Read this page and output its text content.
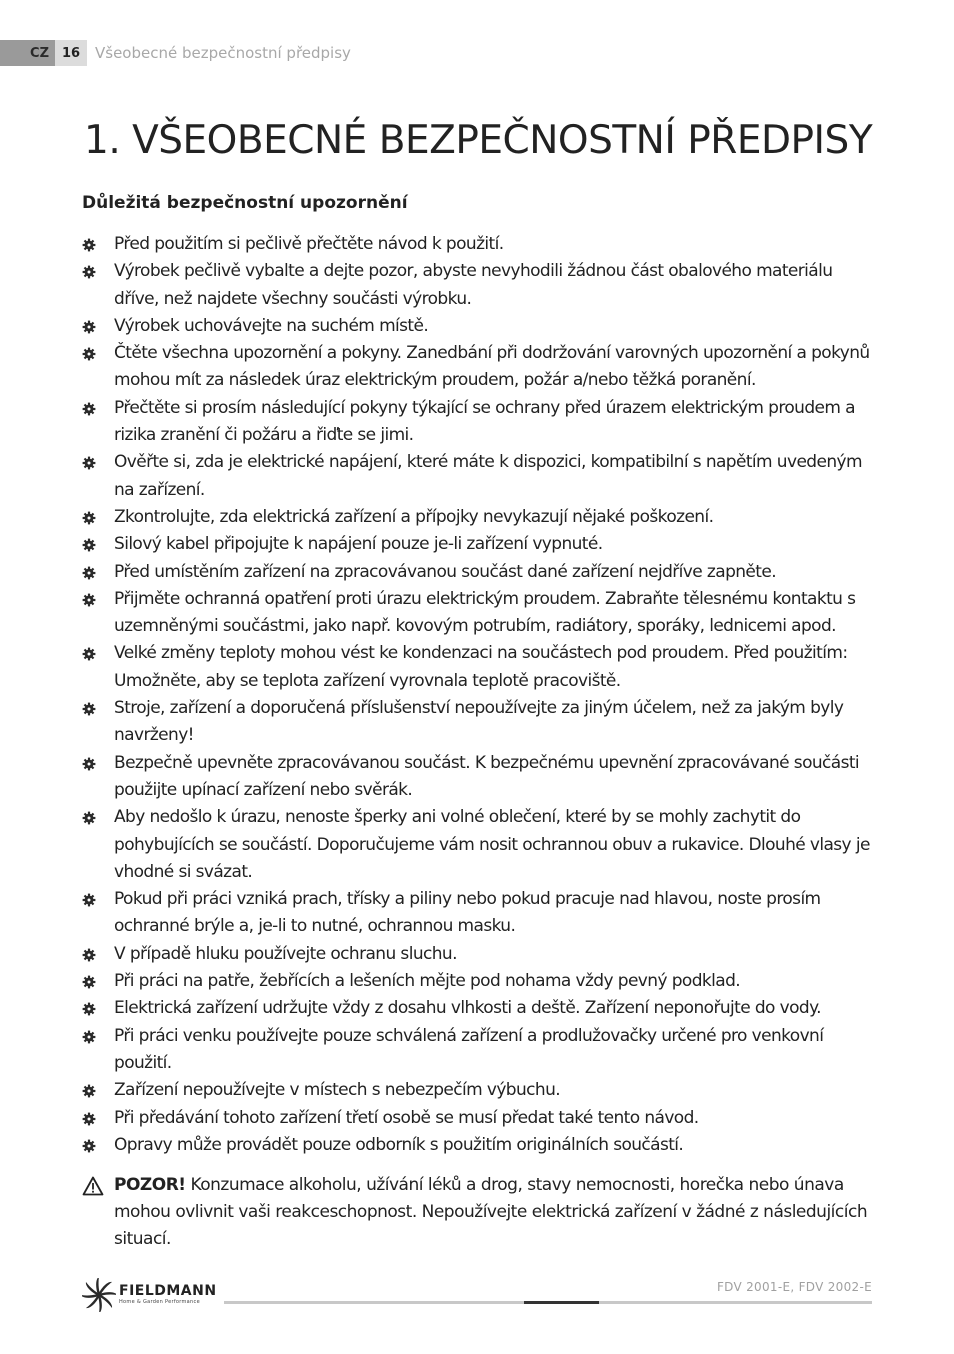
CZ 16 Všeobecné bezpečnostní předpisy
1. VŠEOBECNÉ BEZPEČNOSTNÍ PŘEDPISY
Důležitá bezpečnostní upozornění
Před použitím si pečlivě přečtěte návod k použití.
Výrobek pečlivě vybalte a dejte pozor, abyste nevyhodili žádnou část obalového materiálu dříve, než najdete všechny součásti výrobku.
Výrobek uchovávejte na suchém místě.
Čtěte všechna upozornění a pokyny. Zanedbání při dodržování varovných upozornění a pokynů mohou mít za následek úraz elektrickým proudem, požár a/nebo těžká poranění.
Přečtěte si prosím následující pokyny týkající se ochrany před úrazem elektrickým proudem a rizika zranění či požáru a řiďte se jimi.
Ověřte si, zda je elektrické napájení, které máte k dispozici, kompatibilní s napětím uvedeným na zařízení.
Zkontrolujte, zda elektrická zařízení a přípojky nevykazují nějaké poškození.
Silový kabel připojujte k napájení pouze je-li zařízení vypnuté.
Před umístěním zařízení na zpracovávanou součást dané zařízení nejdříve zapněte.
Přijměte ochranná opatření proti úrazu elektrickým proudem. Zabraňte tělesnému kontaktu s uzemněnými součástmi, jako např. kovovým potrubím, radiátory, sporáky, lednicemi apod.
Velké změny teploty mohou vést ke kondenzaci na součástech pod proudem. Před použitím: Umožněte, aby se teplota zařízení vyrovnala teplotě pracoviště.
Stroje, zařízení a doporučená příslušenství nepoužívejte za jiným účelem, než za jakým byly navrženy!
Bezpečně upevněte zpracovávanou součást. K bezpečnému upevnění zpracovávané součásti použijte upínací zařízení nebo svěrák.
Aby nedošlo k úrazu, nenoste šperky ani volné oblečení, které by se mohly zachytit do pohybujících se součástí. Doporučujeme vám nosit ochrannou obuv a rukavice. Dlouhé vlasy je vhodné si svázat.
Pokud při práci vzniká prach, třísky a piliny nebo pokud pracuje nad hlavou, noste prosím ochranné brýle a, je-li to nutné, ochrannou masku.
V případě hluku používejte ochranu sluchu.
Při práci na patře, žebřících a lešeních mějte pod nohama vždy pevný podklad.
Elektrická zařízení udržujte vždy z dosahu vlhkosti a deště. Zařízení neponořujte do vody.
Při práci venku používejte pouze schválená zařízení a prodlužovačky určené pro venkovní použití.
Zařízení nepoužívejte v místech s nebezpečím výbuchu.
Při předávání tohoto zařízení třetí osobě se musí předat také tento návod.
Opravy může provádět pouze odborník s použitím originálních součástí.
POZOR! Konzumace alkoholu, užívání léků a drog, stavy nemocnosti, horečka nebo únava mohou ovlivnit vaši reakceschopnost. Nepoužívejte elektrická zařízení v žádné z následujících situací.
FIELDMANN
Home & Garden Performance
FDV 2001-E, FDV 2002-E
